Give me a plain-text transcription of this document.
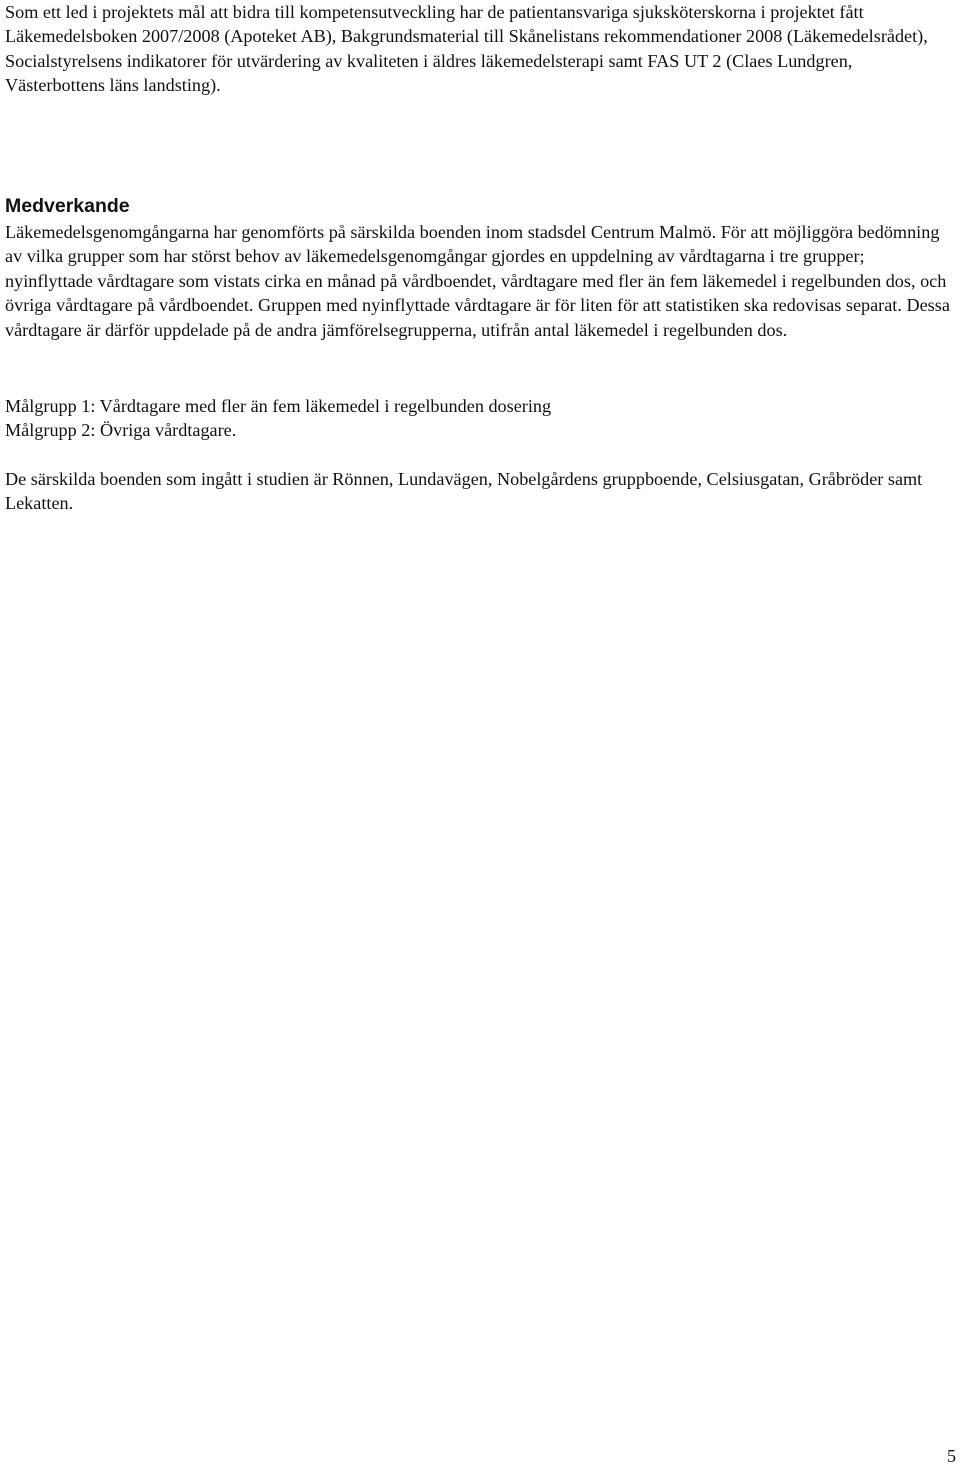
Som ett led i projektets mål att bidra till kompetensutveckling har de patientansvariga sjuksköterskorna i projektet fått Läkemedelsboken 2007/2008 (Apoteket AB), Bakgrundsmaterial till Skånelistans rekommendationer 2008 (Läkemedelsrådet), Socialstyrelsens indikatorer för utvärdering av kvaliteten i äldres läkemedelsterapi samt FAS UT 2 (Claes Lundgren, Västerbottens läns landsting).

Medverkande

Läkemedelsgenomgångarna har genomförts på särskilda boenden inom stadsdel Centrum Malmö. För att möjliggöra bedömning av vilka grupper som har störst behov av läkemedelsgenomgångar gjordes en uppdelning av vårdtagarna i tre grupper; nyinflyttade vårdtagare som vistats cirka en månad på vårdboendet, vårdtagare med fler än fem läkemedel i regelbunden dos, och övriga vårdtagare på vårdboendet. Gruppen med nyinflyttade vårdtagare är för liten för att statistiken ska redovisas separat. Dessa vårdtagare är därför uppdelade på de andra jämförelsegrupperna, utifrån antal läkemedel i regelbunden dos.

Målgrupp 1: Vårdtagare med fler än fem läkemedel i regelbunden dosering
Målgrupp 2: Övriga vårdtagare.

De särskilda boenden som ingått i studien är Rönnen, Lundavägen, Nobelgårdens gruppboende, Celsiusgatan, Gråbröder samt Lekatten.

5
